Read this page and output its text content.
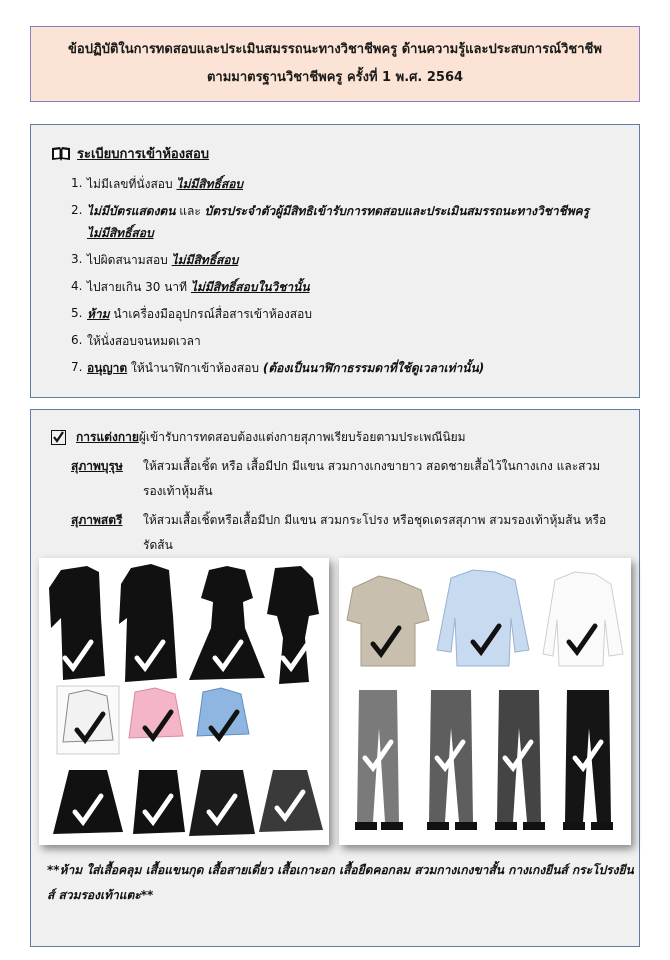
ข้อปฏิบัติในการทดสอบและประเมินสมรรถนะทางวิชาชีพครู ด้านความรู้และประสบการณ์วิชาชีพ
ตามมาตรฐานวิชาชีพครู ครั้งที่ 1 พ.ศ. 2564
ระเบียบการเข้าห้องสอบ
1. ไม่มีเลขที่นั่งสอบ ไม่มีสิทธิ์สอบ
2. ไม่มีบัตรแสดงตน และ บัตรประจำตัวผู้มีสิทธิเข้ารับการทดสอบและประเมินสมรรถนะทางวิชาชีพครู ไม่มีสิทธิ์สอบ
3. ไปผิดสนามสอบ ไม่มีสิทธิ์สอบ
4. ไปสายเกิน 30 นาที ไม่มีสิทธิ์สอบในวิชานั้น
5. ห้าม นำเครื่องมืออุปกรณ์สื่อสารเข้าห้องสอบ
6. ให้นั่งสอบจนหมดเวลา
7. อนุญาต ให้นำนาฬิกาเข้าห้องสอบ (ต้องเป็นนาฬิกาธรรมดาที่ใช้ดูเวลาเท่านั้น)
การแต่งกาย ผู้เข้ารับการทดสอบต้องแต่งกายสุภาพเรียบร้อยตามประเพณีนิยม
สุภาพบุรุษ	ให้สวมเสื้อเชิ้ต หรือ เสื้อมีปก มีแขน สวมกางเกงขายาว สอดชายเสื้อไว้ในกางเกง และสวมรองเท้าหุ้มส้น
สุภาพสตรี	ให้สวมเสื้อเชิ้ตหรือเสื้อมีปก มีแขน สวมกระโปรง หรือชุดเดรสสุภาพ สวมรองเท้าหุ้มส้น หรือรัดส้น
**ห้าม ใส่เสื้อคลุม เสื้อแขนกุด เสื้อสายเดี่ยว เสื้อเกาะอก เสื้อยืดคอกลม สวมกางเกงขาสั้น กางเกงยีนส์ กระโปรงยีนส์ สวมรองเท้าแตะ**
